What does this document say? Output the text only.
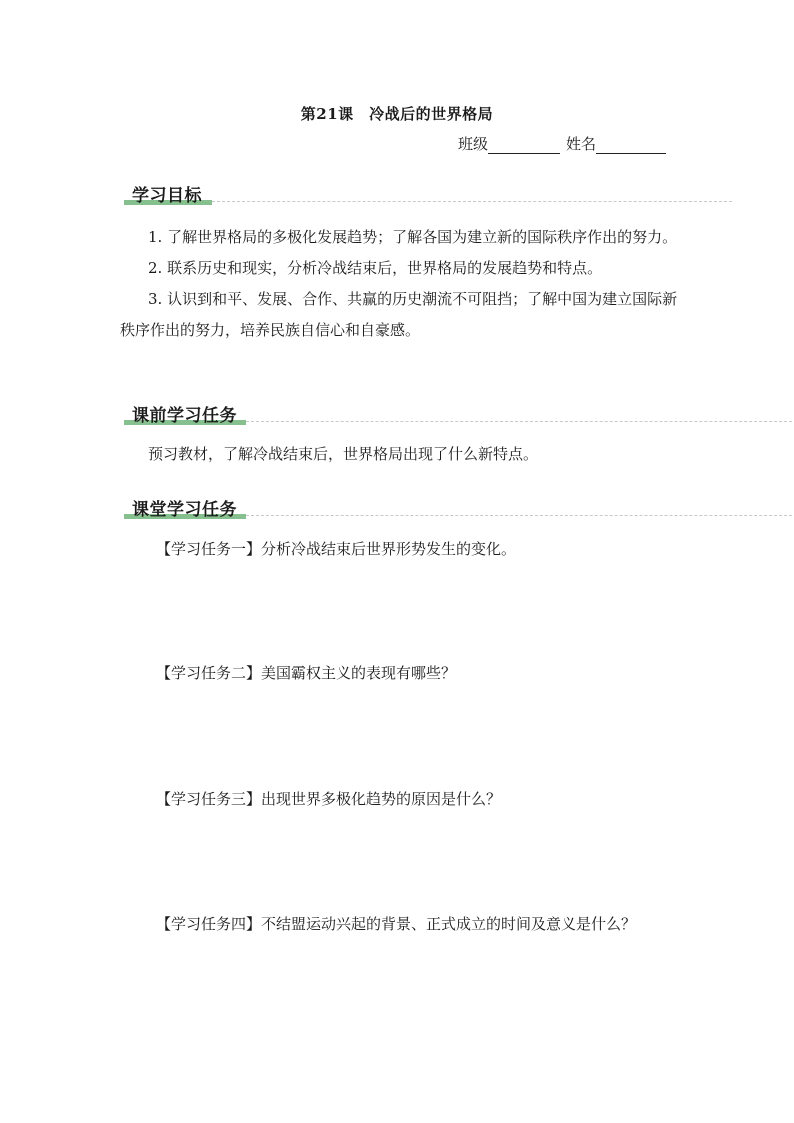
第21课　冷战后的世界格局
班级	姓名
学习目标
1. 了解世界格局的多极化发展趋势；了解各国为建立新的国际秩序作出的努力。
2. 联系历史和现实，分析冷战结束后，世界格局的发展趋势和特点。
3. 认识到和平、发展、合作、共赢的历史潮流不可阻挡；了解中国为建立国际新秩序作出的努力，培养民族自信心和自豪感。
课前学习任务
预习教材，了解冷战结束后，世界格局出现了什么新特点。
课堂学习任务
【学习任务一】分析冷战结束后世界形势发生的变化。
【学习任务二】美国霸权主义的表现有哪些？
【学习任务三】出现世界多极化趋势的原因是什么？
【学习任务四】不结盟运动兴起的背景、正式成立的时间及意义是什么？
